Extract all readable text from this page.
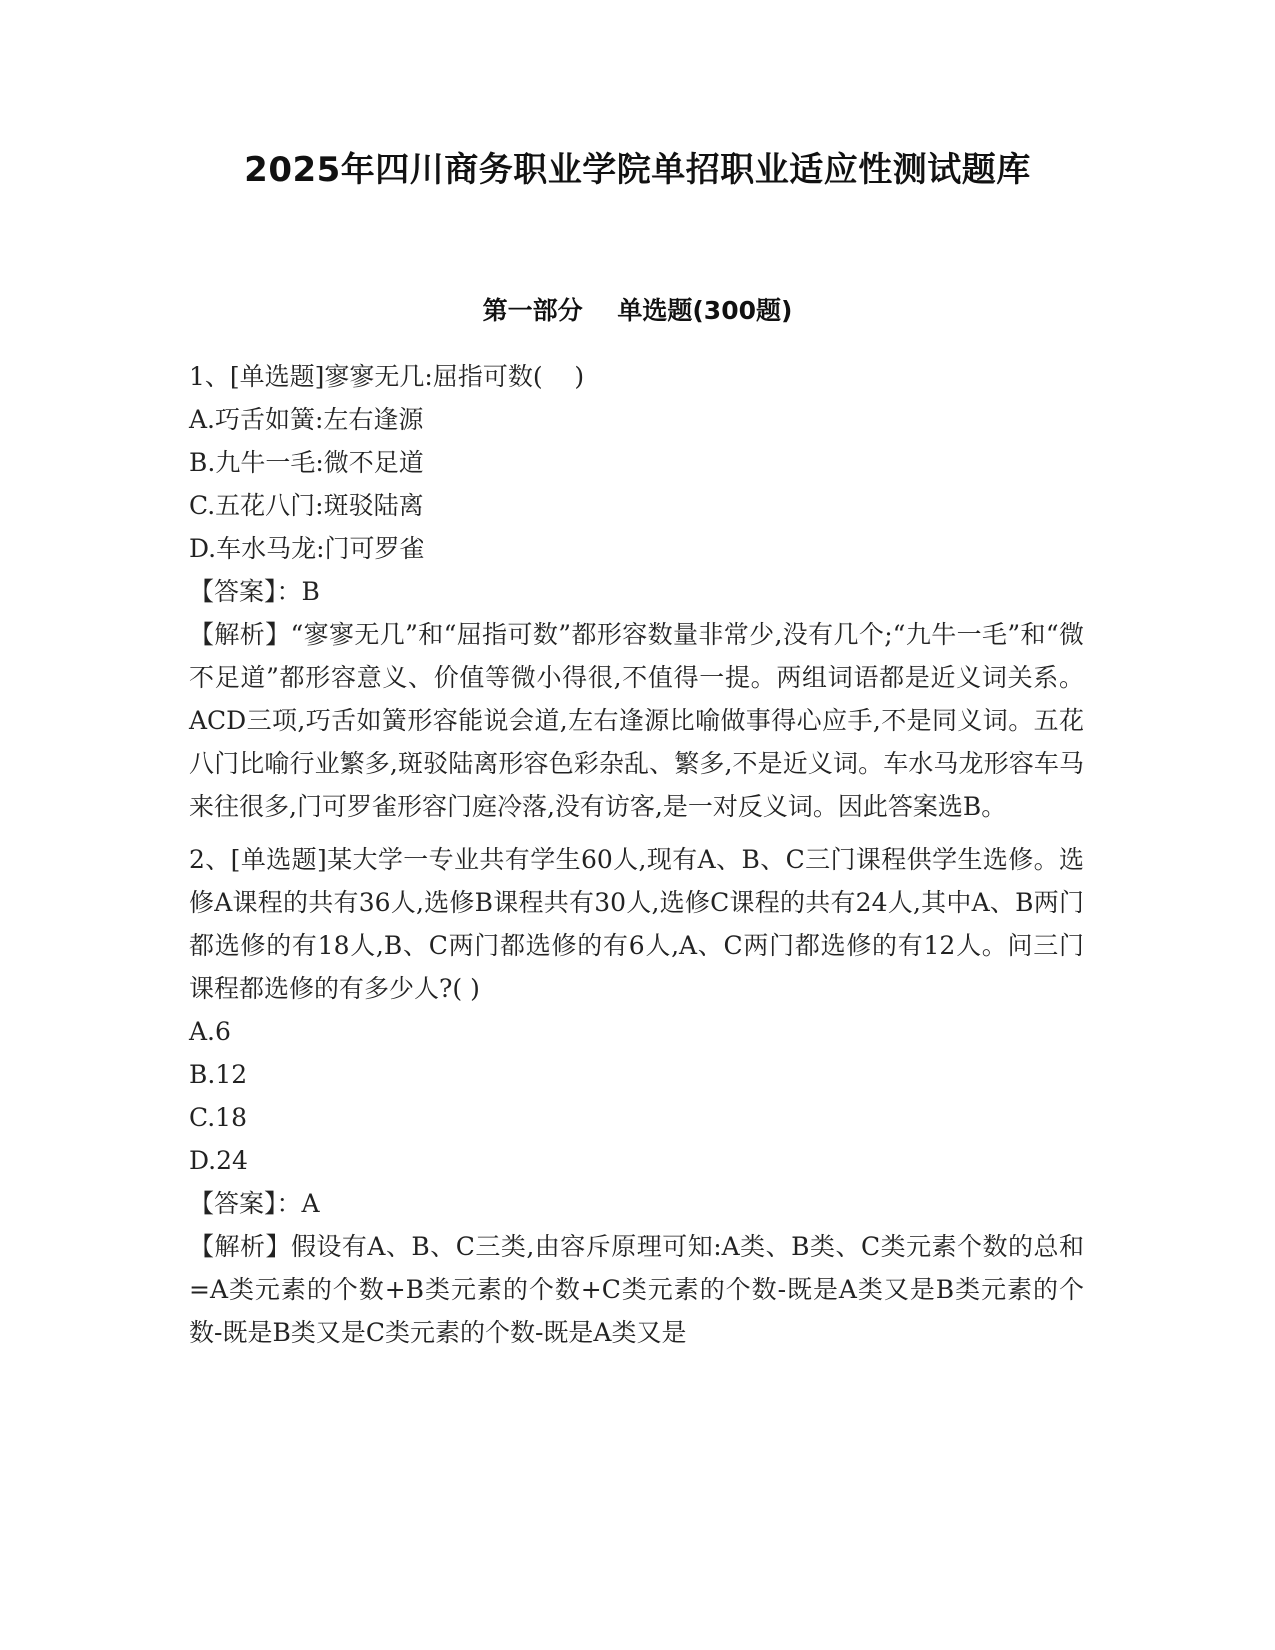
2025年四川商务职业学院单招职业适应性测试题库
第一部分    单选题(300题)
1、[单选题]寥寥无几:屈指可数(    )
A.巧舌如簧:左右逢源
B.九牛一毛:微不足道
C.五花八门:斑驳陆离
D.车水马龙:门可罗雀
【答案】：B
【解析】“寥寥无几”和“屈指可数”都形容数量非常少,没有几个;“九牛一毛”和“微不足道”都形容意义、价值等微小得很,不值得一提。两组词语都是近义词关系。ACD三项,巧舌如簧形容能说会道,左右逢源比喻做事得心应手,不是同义词。五花八门比喻行业繁多,斑驳陆离形容色彩杂乱、繁多,不是近义词。车水马龙形容车马来往很多,门可罗雀形容门庭冷落,没有访客,是一对反义词。因此答案选B。
2、[单选题]某大学一专业共有学生60人,现有A、B、C三门课程供学生选修。选修A课程的共有36人,选修B课程共有30人,选修C课程的共有24人,其中A、B两门都选修的有18人,B、C两门都选修的有6人,A、C两门都选修的有12人。问三门课程都选修的有多少人?( )
A.6
B.12
C.18
D.24
【答案】：A
【解析】假设有A、B、C三类,由容斥原理可知:A类、B类、C类元素个数的总和=A类元素的个数+B类元素的个数+C类元素的个数-既是A类又是B类元素的个数-既是B类又是C类元素的个数-既是A类又是
